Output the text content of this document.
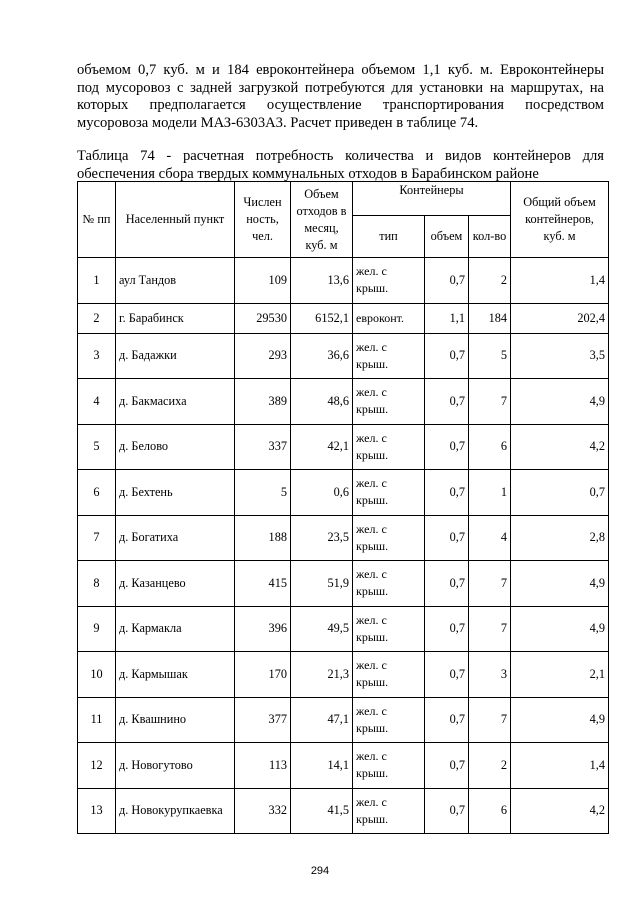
объемом 0,7 куб. м и 184 евроконтейнера объемом 1,1 куб. м. Евроконтейнеры
под мусоровоз с задней загрузкой потребуются для установки на маршрутах, на
которых предполагается осуществление транспортирования посредством
мусоровоза модели МАЗ-6303А3. Расчет приведен в таблице 74.
Таблица 74 - расчетная потребность количества и видов контейнеров для
обеспечения сбора твердых коммунальных отходов в Барабинском районе
№ пп	Населенный пункт	Числен ность, чел.	Объем отходов в месяц, куб. м	Контейнеры			Общий объем контейнеров, куб. м
				тип	объем	кол-во	
1	аул Тандов	109	13,6	жел. с крыш.	0,7	2	1,4
2	г. Барабинск	29530	6152,1	евроконт.	1,1	184	202,4
3	д. Бадажки	293	36,6	жел. с крыш.	0,7	5	3,5
4	д. Бакмасиха	389	48,6	жел. с крыш.	0,7	7	4,9
5	д. Белово	337	42,1	жел. с крыш.	0,7	6	4,2
6	д. Бехтень	5	0,6	жел. с крыш.	0,7	1	0,7
7	д. Богатиха	188	23,5	жел. с крыш.	0,7	4	2,8
8	д. Казанцево	415	51,9	жел. с крыш.	0,7	7	4,9
9	д. Кармакла	396	49,5	жел. с крыш.	0,7	7	4,9
10	д. Кармышак	170	21,3	жел. с крыш.	0,7	3	2,1
11	д. Квашнино	377	47,1	жел. с крыш.	0,7	7	4,9
12	д. Новогутово	113	14,1	жел. с крыш.	0,7	2	1,4
13	д. Новокурупкаевка	332	41,5	жел. с крыш.	0,7	6	4,2
294
